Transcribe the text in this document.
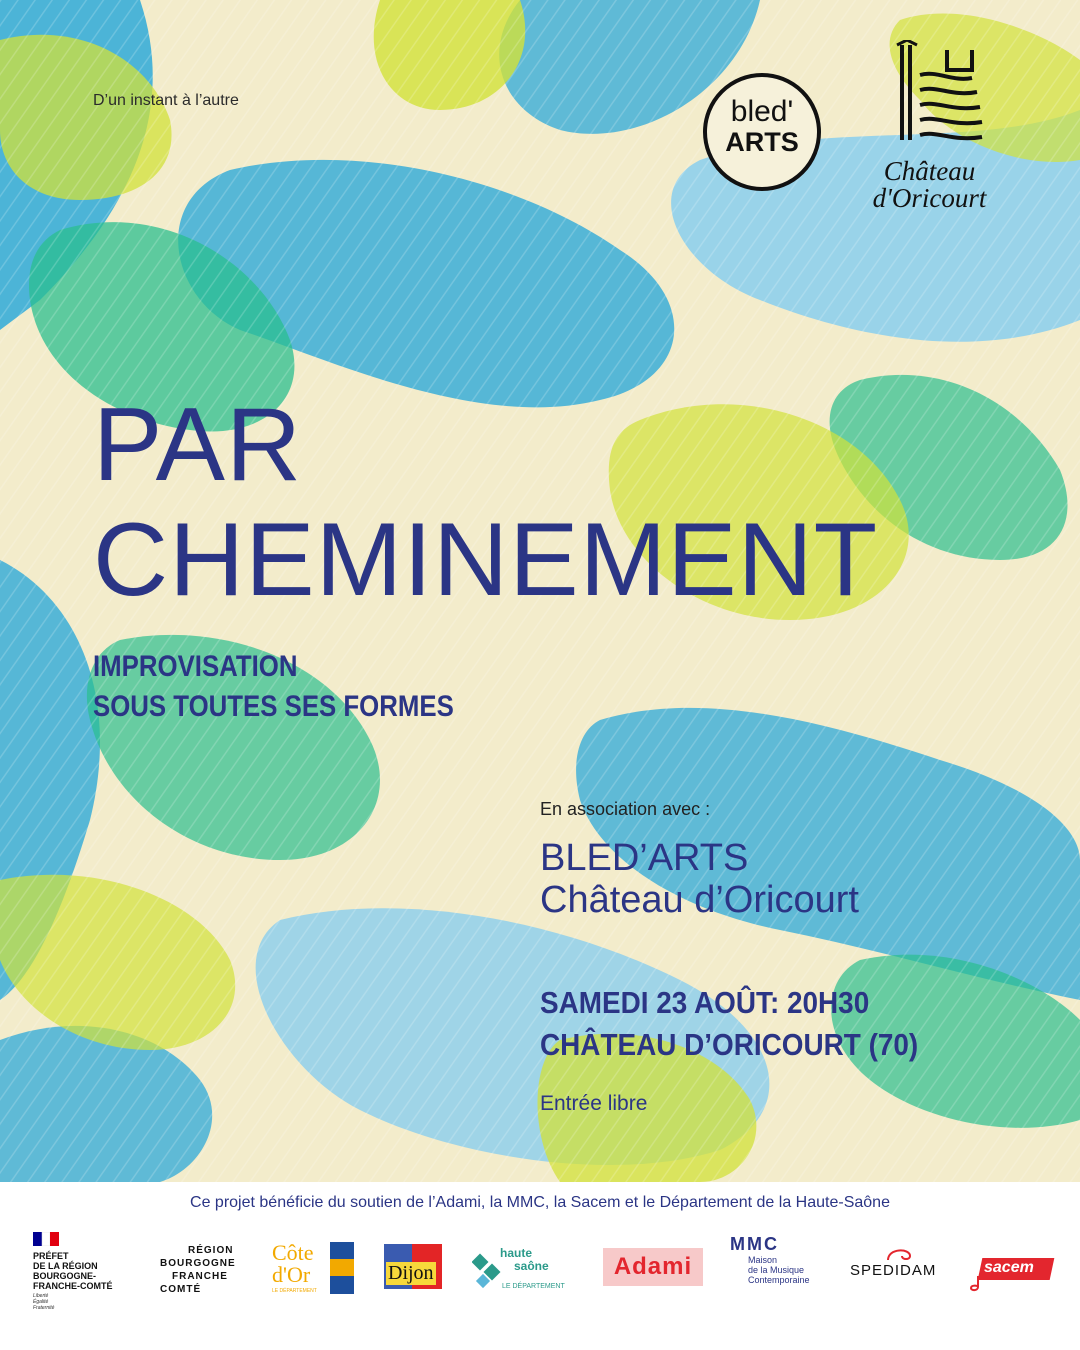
D’un instant à l’autre	bled'
ARTS
Château
d'Oricourt
PAR
CHEMINEMENT
IMPROVISATION
SOUS TOUTES SES FORMES
En association avec :
BLED’ARTS
Château d’Oricourt
SAMEDI 23 AOÛT: 20H30
CHÂTEAU D’ORICOURT (70)
Entrée libre
Ce projet bénéficie du soutien de l’Adami, la MMC, la Sacem et le Département de la Haute-Saône
PRÉFET
DE LA RÉGION
BOURGOGNE-
FRANCHE-COMTÉ
Liberté
Égalité
Fraternité
RÉGION
BOURGOGNE
FRANCHE
COMTÉ
Côte
d'Or
LE DÉPARTEMENT
Dijon
haute
saône
LE DÉPARTEMENT
Adami
MMC
Maison
de la Musique
Contemporaine
SPEDIDAM	sacem
